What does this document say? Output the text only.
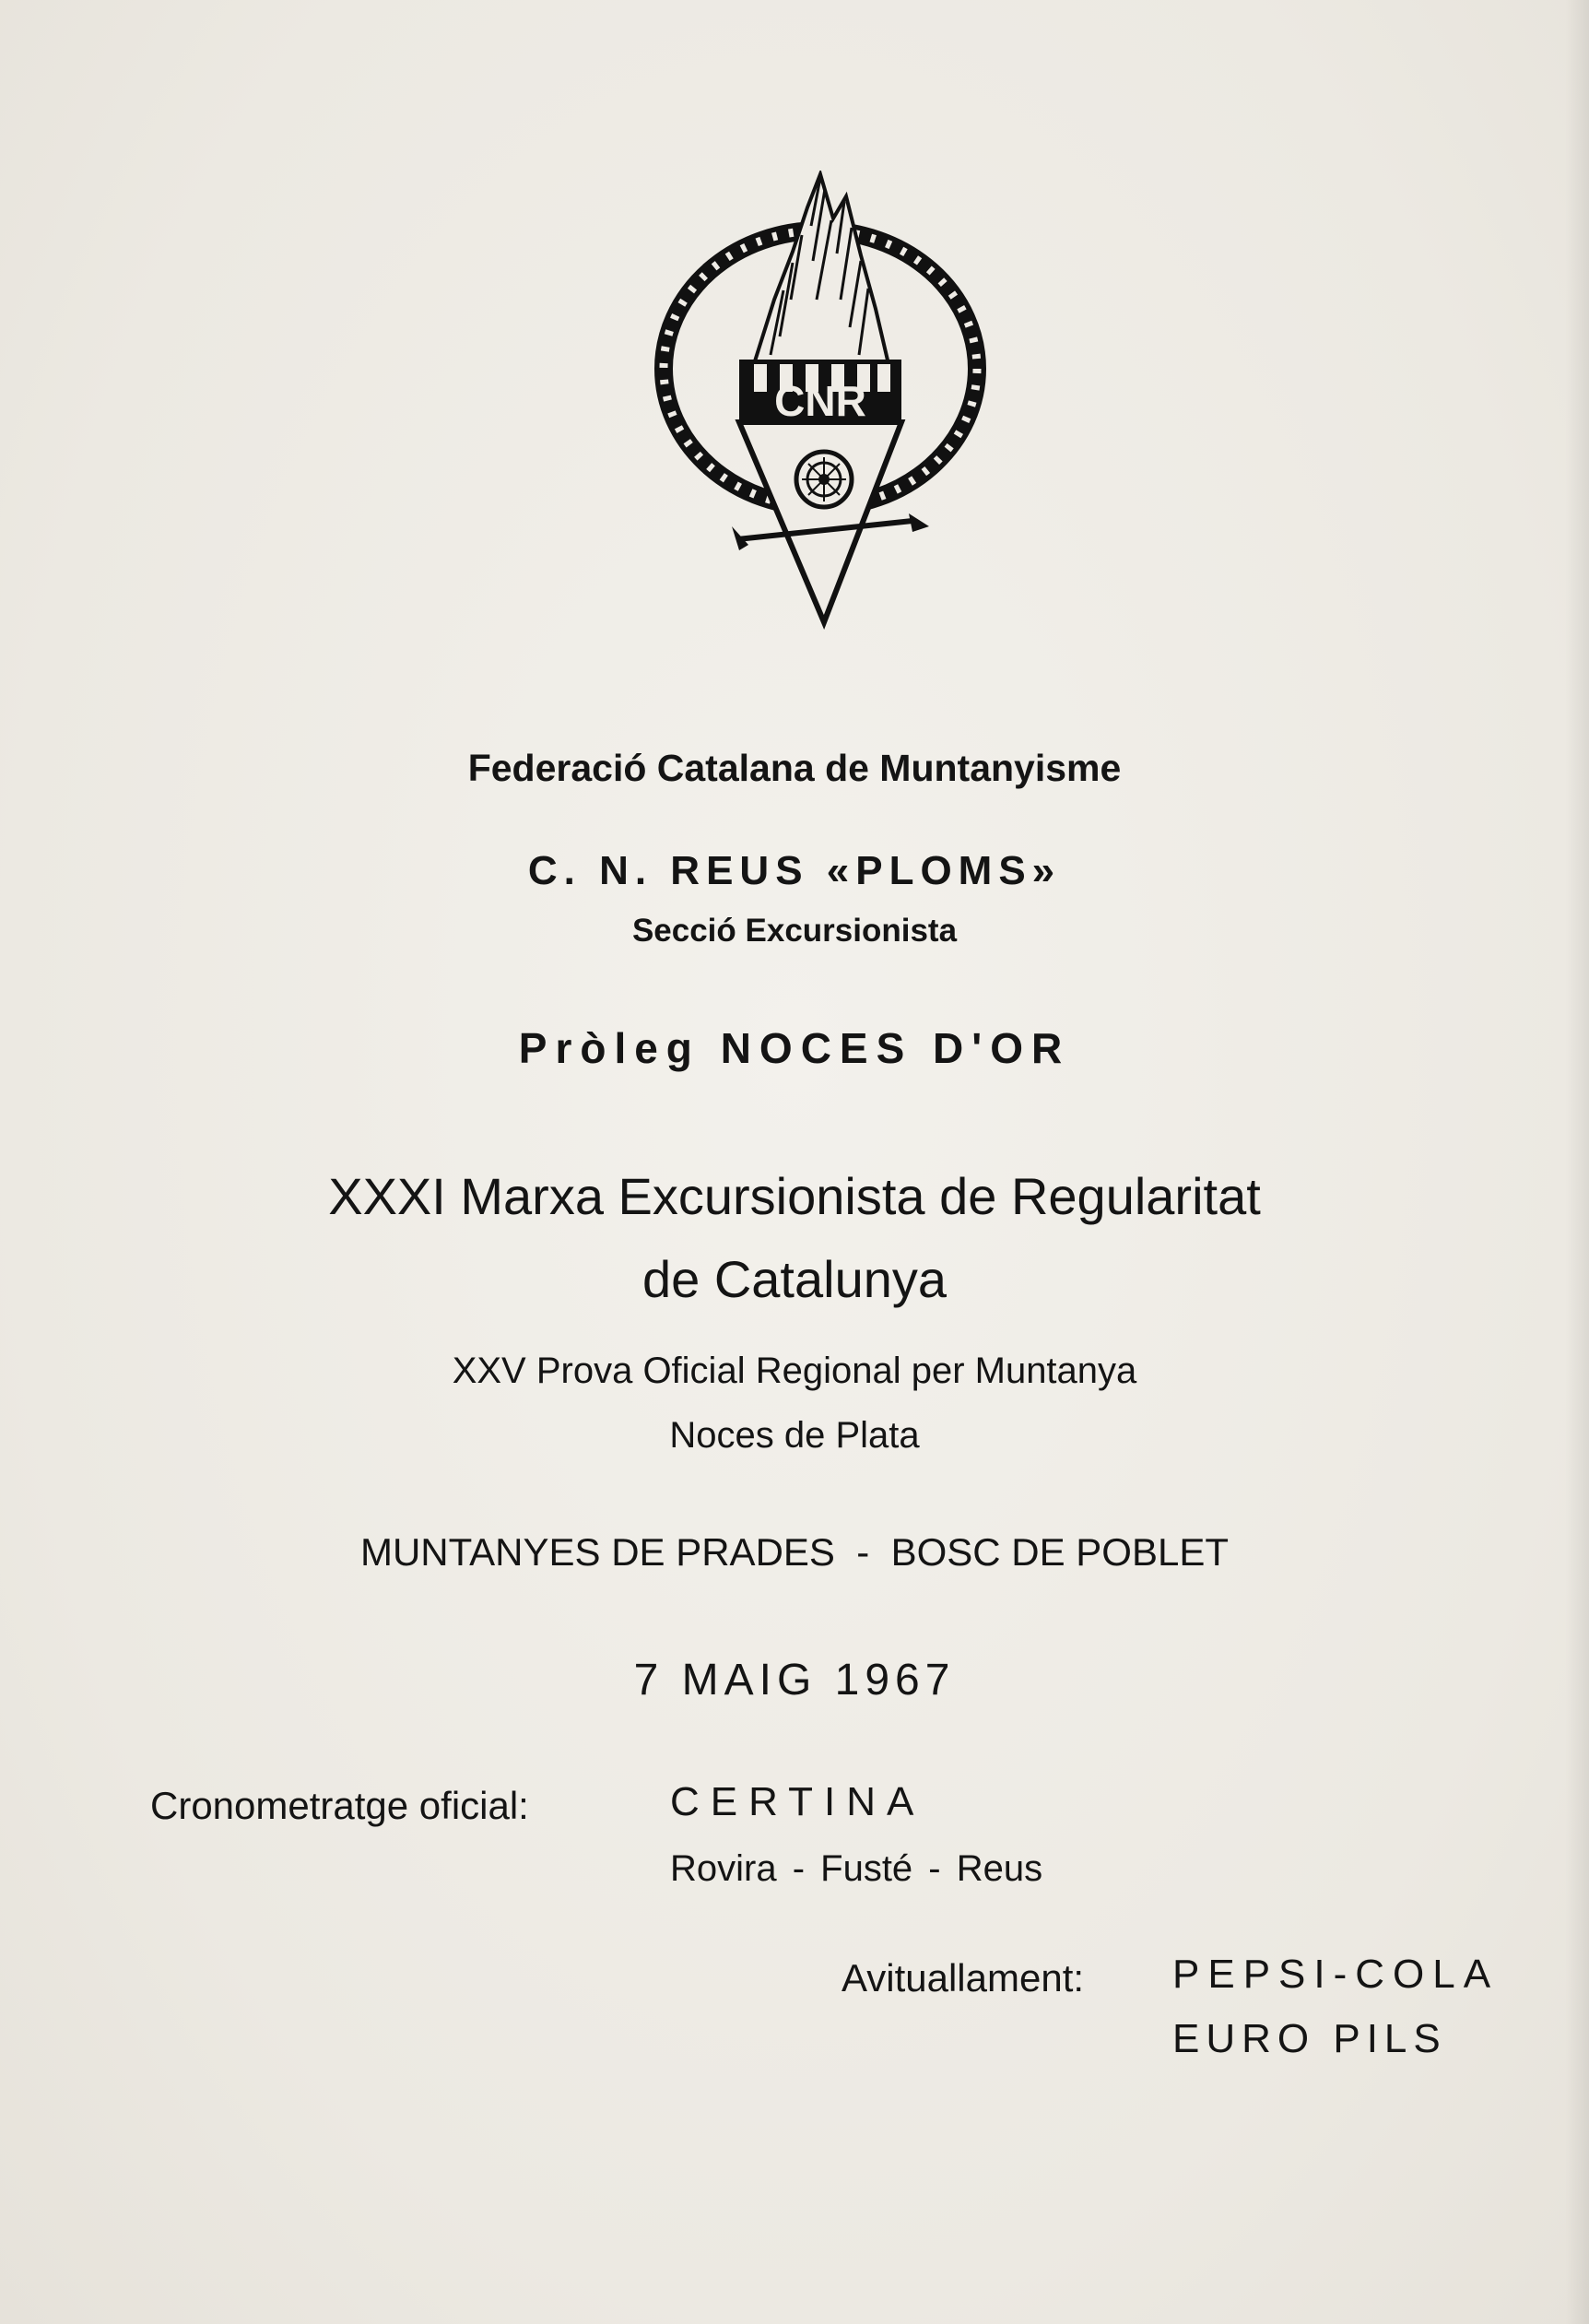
CNR
Federació Catalana de Muntanyisme
C. N. REUS «PLOMS»
Secció Excursionista
Pròleg NOCES D'OR
XXXI Marxa Excursionista de Regularitat
de Catalunya
XXV Prova Oficial Regional per Muntanya
Noces de Plata
MUNTANYES DE PRADES  -  BOSC DE POBLET
7 MAIG 1967
Cronometratge oficial:	CERTINA
Rovira - Fusté - Reus
Avituallament: PEPSI-COLA
EURO PILS
